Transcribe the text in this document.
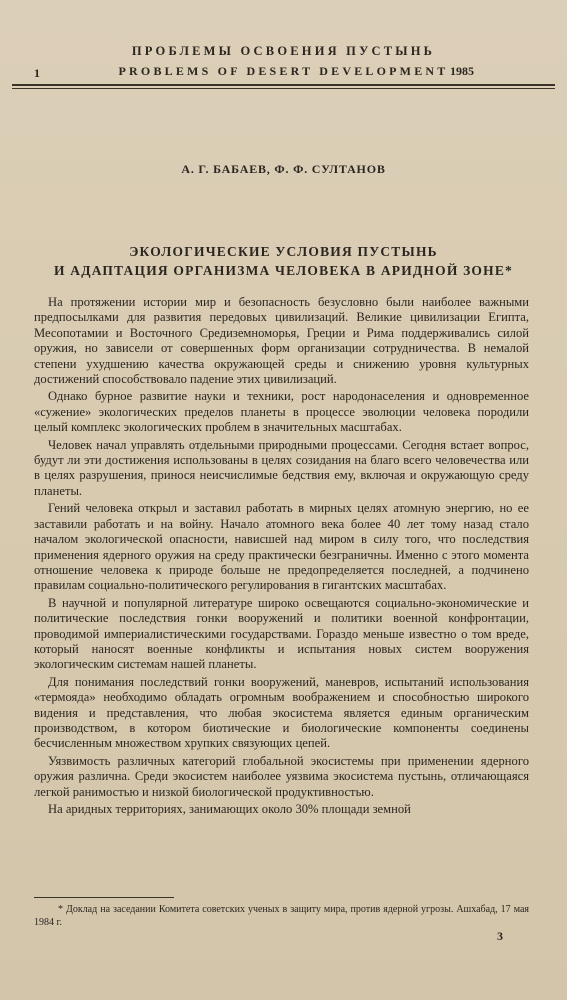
ПРОБЛЕМЫ ОСВОЕНИЯ ПУСТЫНЬ
1	PROBLEMS OF DESERT DEVELOPMENT 1985
А. Г. БАБАЕВ, Ф. Ф. СУЛТАНОВ
ЭКОЛОГИЧЕСКИЕ УСЛОВИЯ ПУСТЫНЬ
И АДАПТАЦИЯ ОРГАНИЗМА ЧЕЛОВЕКА В АРИДНОЙ ЗОНЕ*

На протяжении истории мир и безопасность безусловно были наиболее важными предпосылками для развития передовых цивилизаций. Великие цивилизации Египта, Месопотамии и Восточного Средиземноморья, Греции и Рима поддерживались силой оружия, но зависели от совершенных форм организации сотрудничества. В немалой степени ухудшению качества окружающей среды и снижению уровня культурных достижений способствовало падение этих цивилизаций.

Однако бурное развитие науки и техники, рост народонаселения и одновременное «сужение» экологических пределов планеты в процессе эволюции человека породили целый комплекс экологических проблем в значительных масштабах.

Человек начал управлять отдельными природными процессами. Сегодня встает вопрос, будут ли эти достижения использованы в целях созидания на благо всего человечества или в целях разрушения, принося неисчислимые бедствия ему, включая и окружающую среду планеты.

Гений человека открыл и заставил работать в мирных целях атомную энергию, но ее заставили работать и на войну. Начало атомного века более 40 лет тому назад стало началом экологической опасности, нависшей над миром в силу того, что последствия применения ядерного оружия на среду практически безграничны. Именно с этого момента отношение человека к природе больше не предопределяется последней, а подчинено правилам социально-политического регулирования в гигантских масштабах.

В научной и популярной литературе широко освещаются социально-экономические и политические последствия гонки вооружений и политики военной конфронтации, проводимой империалистическими государствами. Гораздо меньше известно о том вреде, который наносят военные конфликты и испытания новых систем вооружения экологическим системам нашей планеты.

Для понимания последствий гонки вооружений, маневров, испытаний использования «термояда» необходимо обладать огромным воображением и способностью широкого видения и представления, что любая экосистема является единым органическим производством, в котором биотические и биологические компоненты соединены бесчисленным множеством хрупких связующих цепей.

Уязвимость различных категорий глобальной экосистемы при применении ядерного оружия различна. Среди экосистем наиболее уязвима экосистема пустынь, отличающаяся легкой ранимостью и низкой биологической продуктивностью.

На аридных территориях, занимающих около 30% площади земной

* Доклад на заседании Комитета советских ученых в защиту мира, против ядерной угрозы. Ашхабад, 17 мая 1984 г.
3
